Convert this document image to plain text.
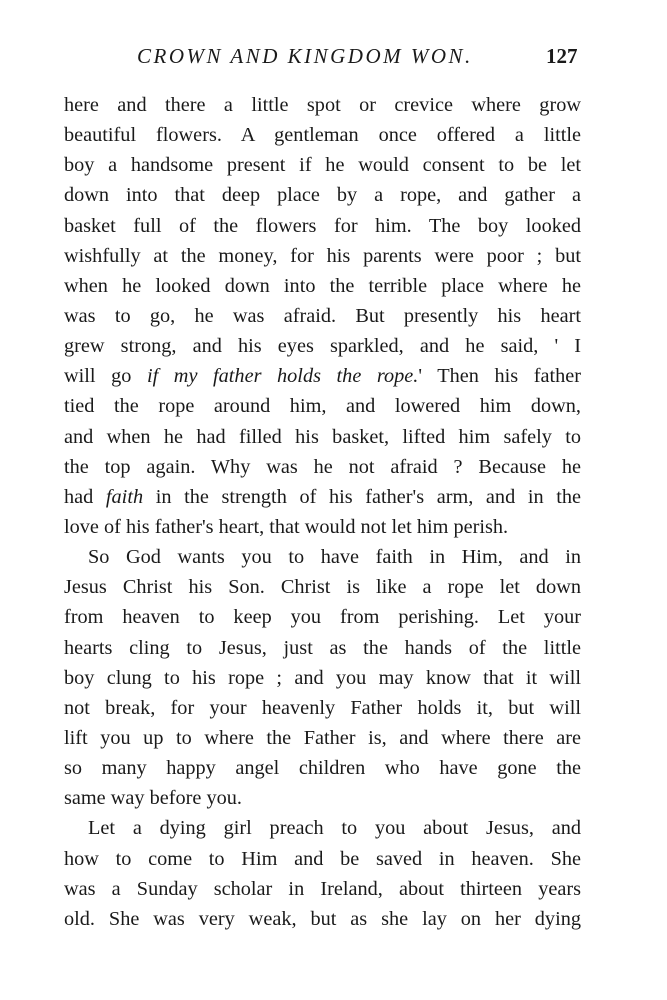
CROWN AND KINGDOM WON.	127
here and there a little spot or crevice where grow
beautiful flowers. A gentleman once offered a little
boy a handsome present if he would consent to be let
down into that deep place by a rope, and gather a
basket full of the flowers for him. The boy looked
wishfully at the money, for his parents were poor ; but
when he looked down into the terrible place where he
was to go, he was afraid. But presently his heart
grew strong, and his eyes sparkled, and he said, ' I
will go if my father holds the rope.' Then his father
tied the rope around him, and lowered him down,
and when he had filled his basket, lifted him safely to
the top again. Why was he not afraid ? Because he
had faith in the strength of his father's arm, and in the
love of his father's heart, that would not let him perish.
So God wants you to have faith in Him, and in
Jesus Christ his Son. Christ is like a rope let down
from heaven to keep you from perishing. Let your
hearts cling to Jesus, just as the hands of the little
boy clung to his rope ; and you may know that it will
not break, for your heavenly Father holds it, but will
lift you up to where the Father is, and where there are
so many happy angel children who have gone the
same way before you.
Let a dying girl preach to you about Jesus, and
how to come to Him and be saved in heaven. She
was a Sunday scholar in Ireland, about thirteen years
old. She was very weak, but as she lay on her dying
